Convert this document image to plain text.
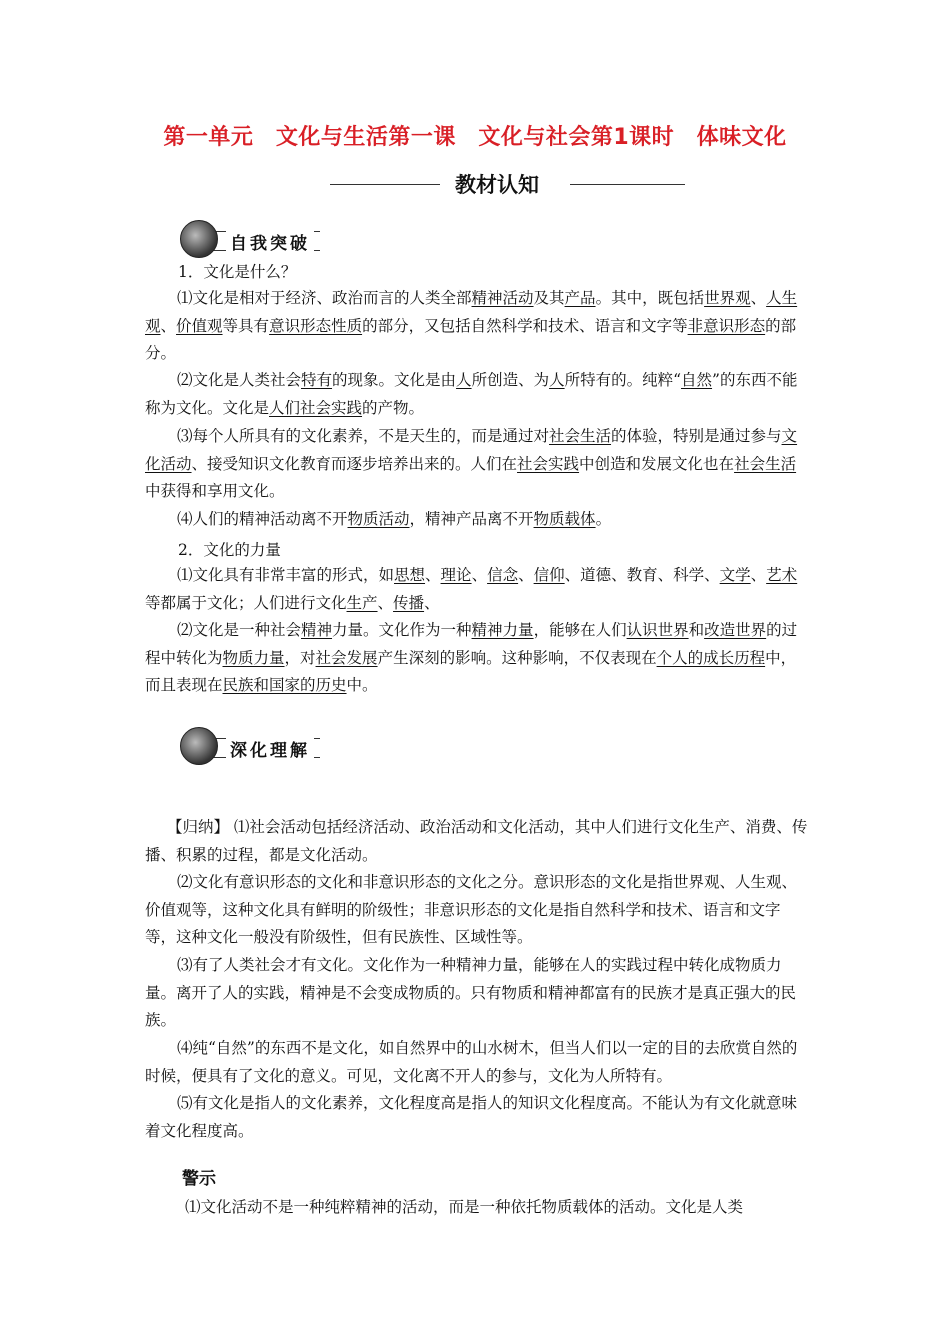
第一单元　文化与生活第一课　文化与社会第1课时　体味文化
教材认知
自我突破
1．文化是什么？
⑴文化是相对于经济、政治而言的人类全部精神活动及其产品。其中，既包括世界观、人生观、价值观等具有意识形态性质的部分，又包括自然科学和技术、语言和文字等非意识形态的部分。
⑵文化是人类社会特有的现象。文化是由人所创造、为人所特有的。纯粹“自然”的东西不能称为文化。文化是人们社会实践的产物。
⑶每个人所具有的文化素养，不是天生的，而是通过对社会生活的体验，特别是通过参与文化活动、接受知识文化教育而逐步培养出来的。人们在社会实践中创造和发展文化也在社会生活中获得和享用文化。
⑷人们的精神活动离不开物质活动，精神产品离不开物质载体。
2．文化的力量
⑴文化具有非常丰富的形式，如思想、理论、信念、信仰、道德、教育、科学、文学、艺术等都属于文化；人们进行文化生产、传播、
⑵文化是一种社会精神力量。文化作为一种精神力量，能够在人们认识世界和改造世界的过程中转化为物质力量，对社会发展产生深刻的影响。这种影响，不仅表现在个人的成长历程中，而且表现在民族和国家的历史中。
深化理解
【归纳】 ⑴社会活动包括经济活动、政治活动和文化活动，其中人们进行文化生产、消费、传播、积累的过程，都是文化活动。
⑵文化有意识形态的文化和非意识形态的文化之分。意识形态的文化是指世界观、人生观、价值观等，这种文化具有鲜明的阶级性；非意识形态的文化是指自然科学和技术、语言和文字等，这种文化一般没有阶级性，但有民族性、区域性等。
⑶有了人类社会才有文化。文化作为一种精神力量，能够在人的实践过程中转化成物质力量。离开了人的实践，精神是不会变成物质的。只有物质和精神都富有的民族才是真正强大的民族。
⑷纯“自然”的东西不是文化，如自然界中的山水树木，但当人们以一定的目的去欣赏自然的时候，便具有了文化的意义。可见，文化离不开人的参与，文化为人所特有。
⑸有文化是指人的文化素养，文化程度高是指人的知识文化程度高。不能认为有文化就意味着文化程度高。
警示
⑴文化活动不是一种纯粹精神的活动，而是一种依托物质载体的活动。文化是人类
